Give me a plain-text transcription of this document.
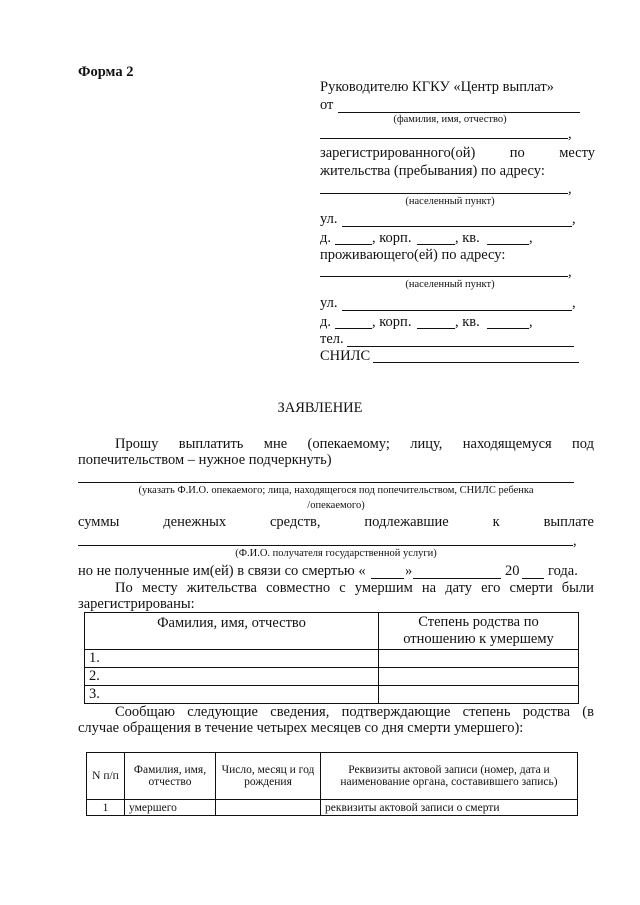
Форма 2
Руководителю КГКУ «Центр выплат»
от
(фамилия, имя, отчество)
,
зарегистрированного(ой) по месту
жительства (пребывания) по адресу:
,
(населенный пункт)
ул.	,
д.	, корп.	, кв.	,
проживающего(ей) по адресу:
,
(населенный пункт)
ул.	,
д.	, корп.	, кв.	,
тел.
СНИЛС
ЗАЯВЛЕНИЕ
Прошу выплатить мне (опекаемому; лицу, находящемуся под
попечительством – нужное подчеркнуть)
(указать Ф.И.О. опекаемого; лица, находящегося под попечительством, СНИЛС ребенка
/опекаемого)
суммы	денежных	средств,	подлежавшие	к	выплате
,
(Ф.И.О. получателя государственной услуги)
но не полученные им(ей) в связи со смертью «	»	20 года.
По месту жительства совместно с умершим на дату его смерти были
зарегистрированы:
Фамилия, имя, отчество	Степень родства по отношению к умершему
1.	
2.	
3.	
Сообщаю следующие сведения, подтверждающие степень родства (в
случае обращения в течение четырех месяцев со дня смерти умершего):
N п/п	Фамилия, имя, отчество	Число, месяц и год рождения	Реквизиты актовой записи (номер, дата и наименование органа, составившего запись)
1	умершего		реквизиты актовой записи о смерти
